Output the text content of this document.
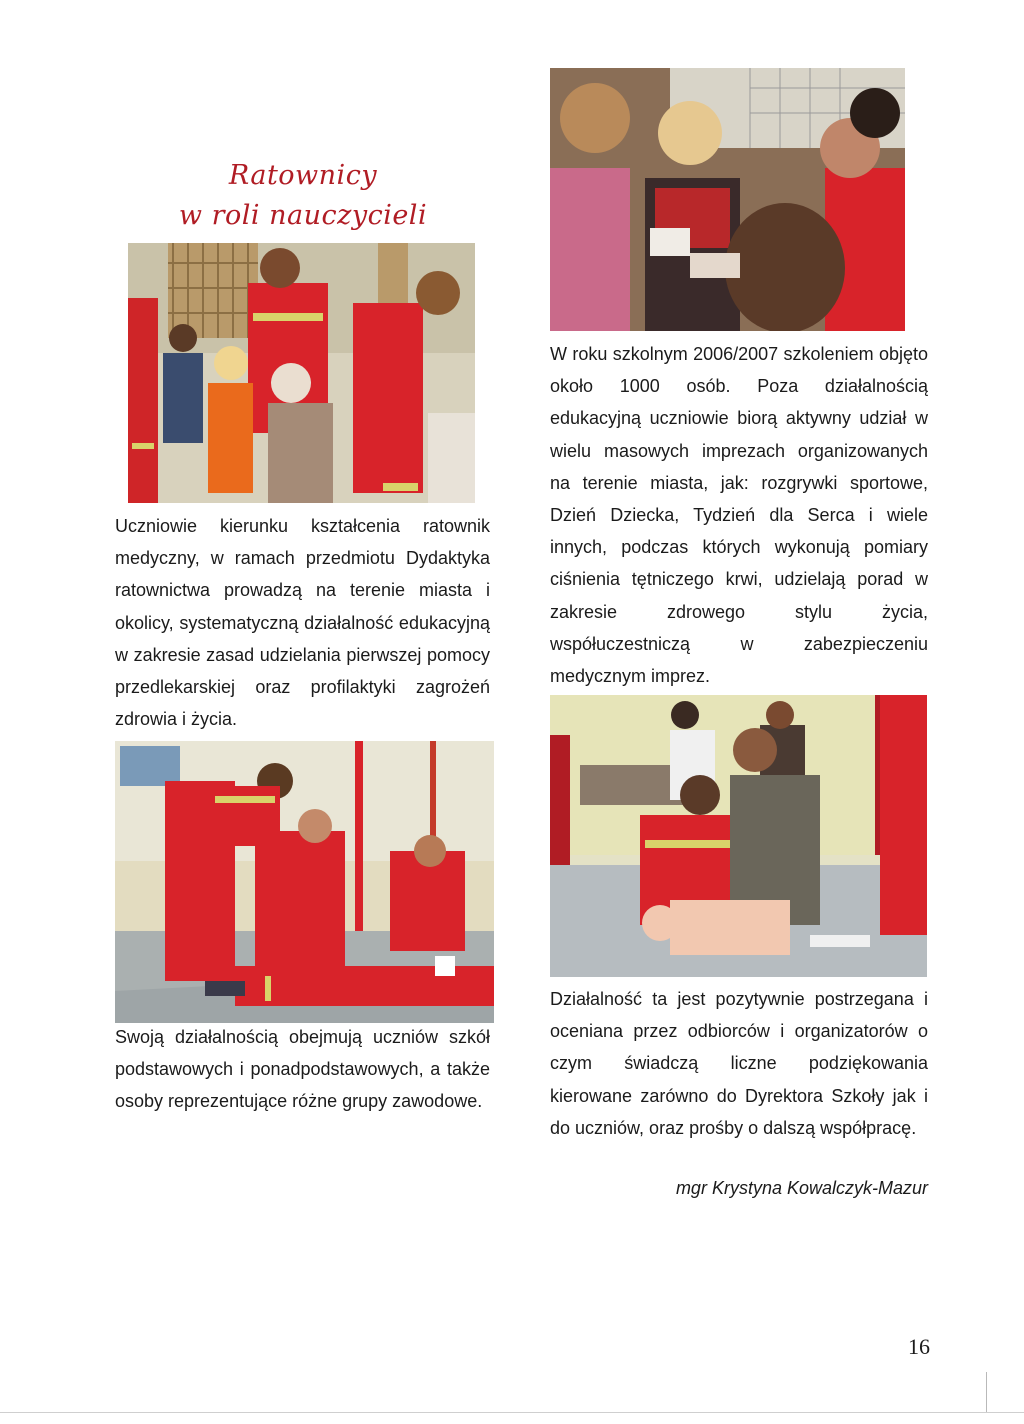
Ratownicy
w roli nauczycieli

Uczniowie kierunku kształcenia ratownik medyczny, w ramach przedmiotu Dydaktyka ratownictwa prowadzą na terenie miasta i okolicy, systematyczną działalność edukacyjną w zakresie zasad udzielania pierwszej pomocy przedlekarskiej oraz profilaktyki zagrożeń zdrowia i życia.

Swoją działalnością obejmują uczniów szkół podstawowych i ponadpodstawowych, a także osoby reprezentujące różne grupy zawodowe.

W roku szkolnym 2006/2007 szkoleniem objęto około 1000 osób. Poza działalnością edukacyjną uczniowie biorą aktywny udział w wielu masowych imprezach organizowanych na terenie miasta, jak: rozgrywki sportowe, Dzień Dziecka, Tydzień dla Serca i wiele innych, podczas których wykonują pomiary ciśnienia tętniczego krwi, udzielają porad w zakresie zdrowego stylu życia, współuczestniczą w zabezpieczeniu medycznym imprez.

Działalność ta jest pozytywnie postrzegana i oceniana przez odbiorców i organizatorów o czym świadczą liczne podziękowania kierowane zarówno do Dyrektora Szkoły jak i do uczniów, oraz prośby o dalszą współpracę.

mgr Krystyna Kowalczyk-Mazur
16
